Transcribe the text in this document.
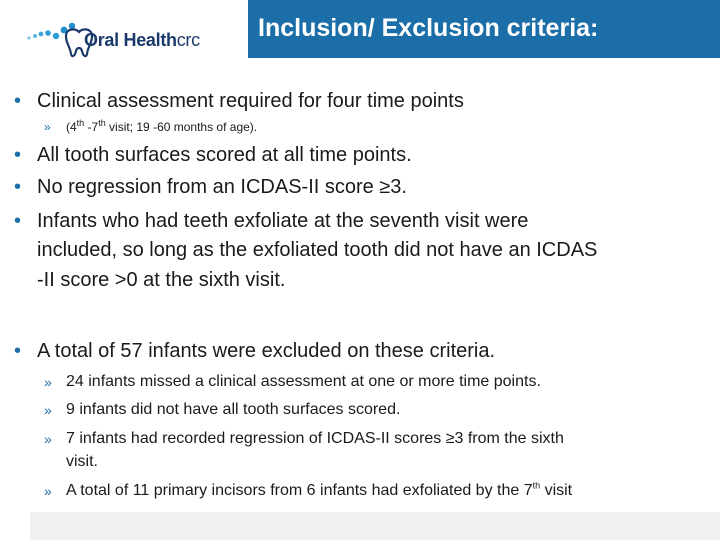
Oral Healthcrc Inclusion/ Exclusion criteria:
• Clinical assessment required for four time points
» (4th -7th visit; 19 -60 months of age).
• All tooth surfaces scored at all time points.
• No regression from an ICDAS-II score ≥3.
• Infants who had teeth exfoliate at the seventh visit were
included, so long as the exfoliated tooth did not have an ICDAS
-II score >0 at the sixth visit.
• A total of 57 infants were excluded on these criteria.
» 24 infants missed a clinical assessment at one or more time points.
» 9 infants did not have all tooth surfaces scored.
» 7 infants had recorded regression of ICDAS-II scores ≥3 from the sixth
visit.
» A total of 11 primary incisors from 6 infants had exfoliated by the 7th visit
